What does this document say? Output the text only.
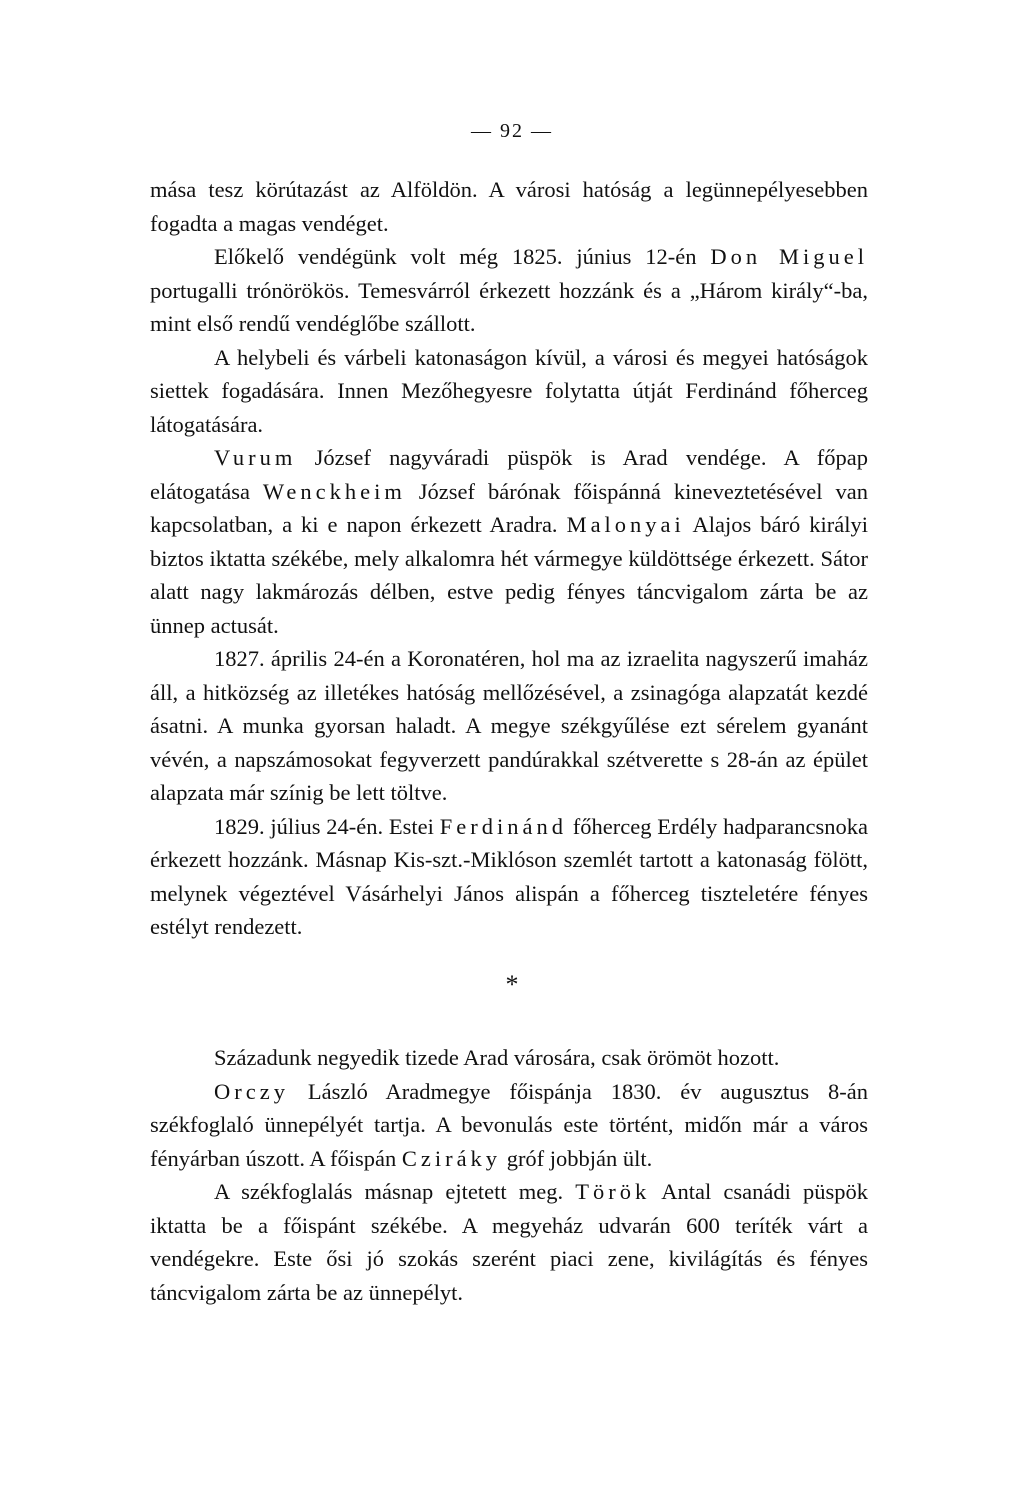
— 92 —

mása tesz körútazást az Alföldön. A városi hatóság a legünnepélyesebben fogadta a magas vendéget.

Előkelő vendégünk volt még 1825. június 12-én Don Miguel portugalli trónörökös. Temesvárról érkezett hozzánk és a „Három király“-ba, mint első rendű vendéglőbe szállott.

A helybeli és várbeli katonaságon kívül, a városi és megyei hatóságok siettek fogadására. Innen Mezőhegyesre folytatta útját Ferdinánd főherceg látogatására.

Vurum József nagyváradi püspök is Arad vendége. A főpap elátogatása Wenckheim József bárónak főispánná kineveztetésével van kapcsolatban, a ki e napon érkezett Aradra. Malonyai Alajos báró királyi biztos iktatta székébe, mely alkalomra hét vármegye küldöttsége érkezett. Sátor alatt nagy lakmározás délben, estve pedig fényes táncvigalom zárta be az ünnep actusát.

1827. április 24-én a Koronatéren, hol ma az izraelita nagyszerű imaház áll, a hitközség az illetékes hatóság mellőzésével, a zsinagóga alapzatát kezdé ásatni. A munka gyorsan haladt. A megye székgyűlése ezt sérelem gyanánt vévén, a napszámosokat fegyverzett pandúrakkal szétverette s 28-án az épület alapzata már színig be lett töltve.

1829. július 24-én. Estei Ferdinánd főherceg Erdély hadparancsnoka érkezett hozzánk. Másnap Kis-szt.-Miklóson szemlét tartott a katonaság fölött, melynek végeztével Vásárhelyi János alispán a főherceg tiszteletére fényes estélyt rendezett.

*

Századunk negyedik tizede Arad városára, csak örömöt hozott.

Orczy László Aradmegye főispánja 1830. év augusztus 8-án székfoglaló ünnepélyét tartja. A bevonulás este történt, midőn már a város fényárban úszott. A főispán Cziráky gróf jobbján ült.

A székfoglalás másnap ejtetett meg. Török Antal csanádi püspök iktatta be a főispánt székébe. A megyeház udvarán 600 teríték várt a vendégekre. Este ősi jó szokás szerént piaci zene, kivilágítás és fényes táncvigalom zárta be az ünnepélyt.
